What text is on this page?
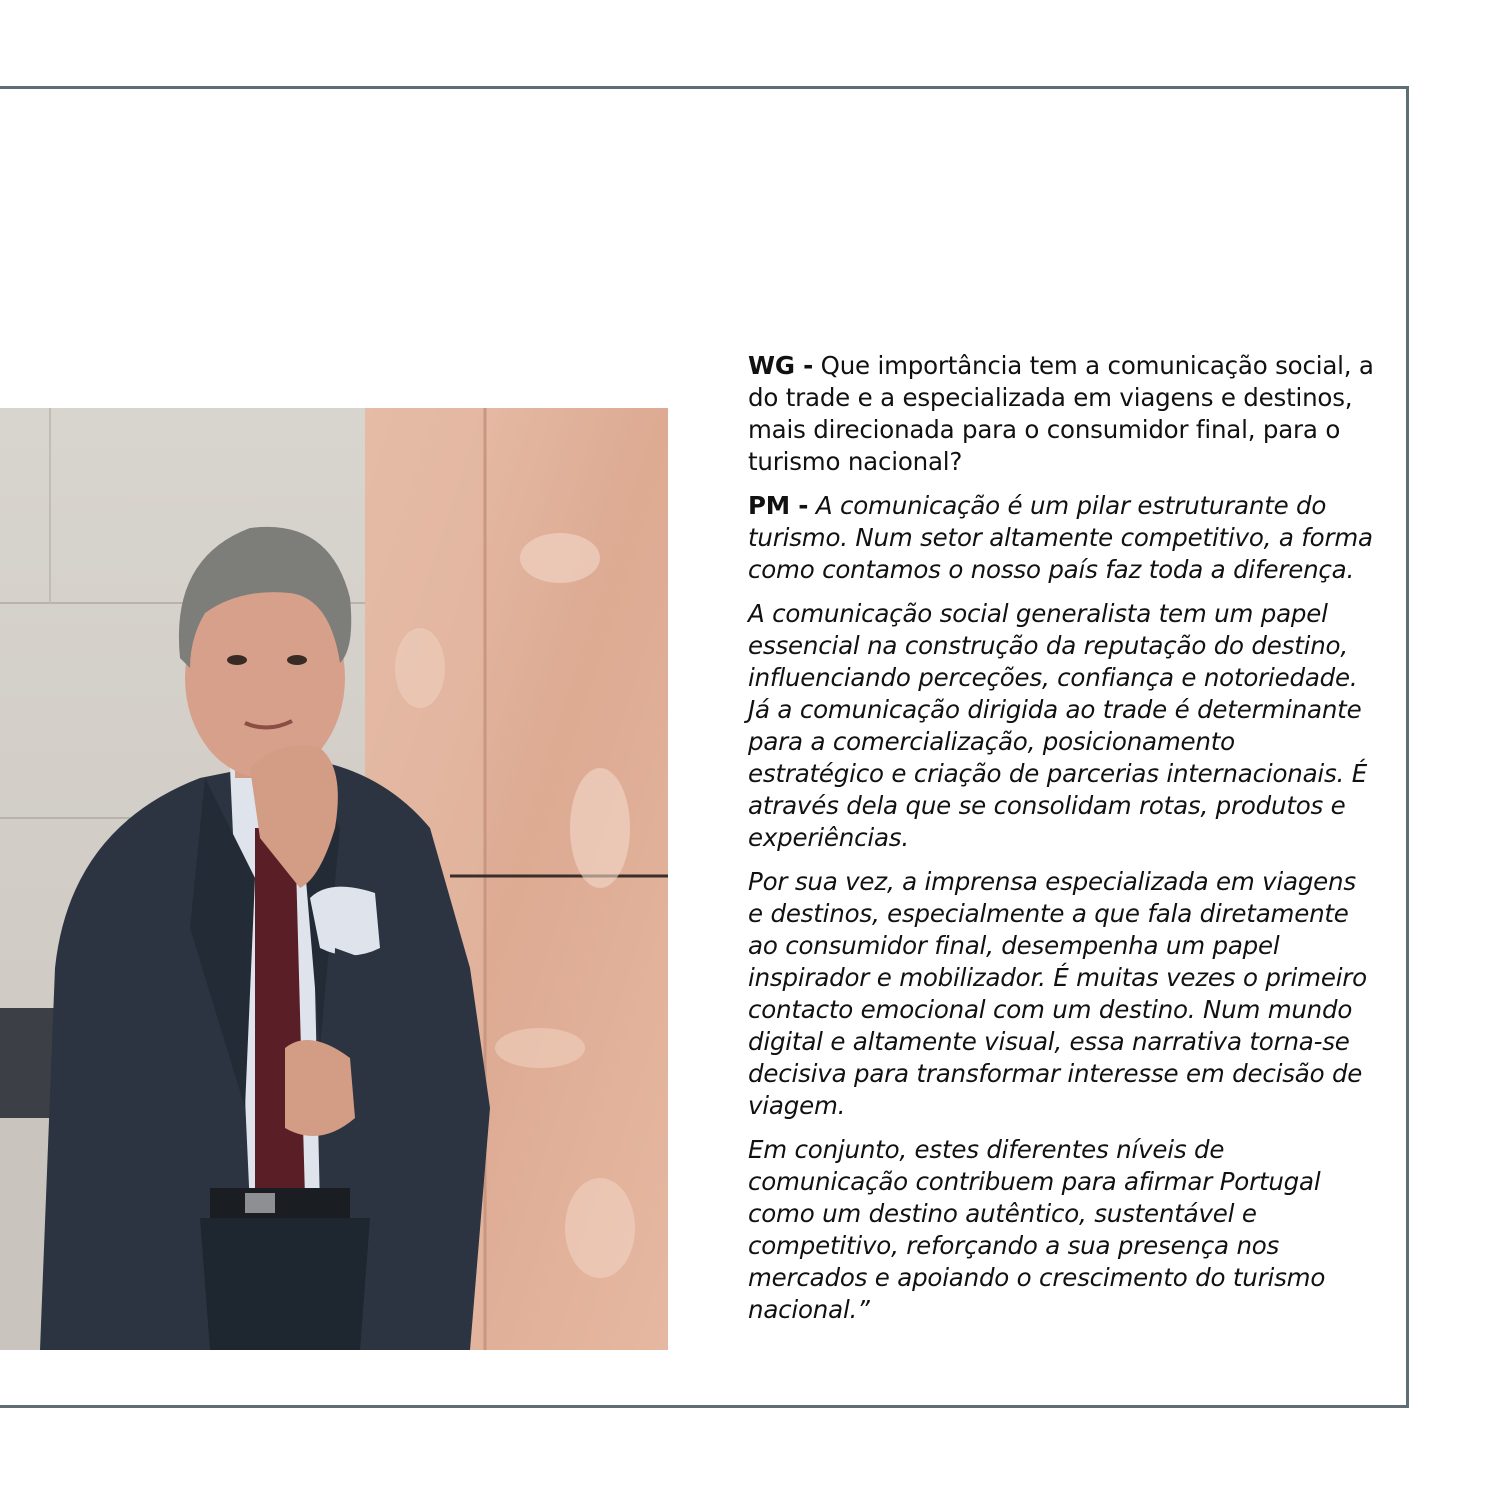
WG - Que importância tem a comunicação social, a do trade e a especializada em viagens e destinos, mais direcionada para o consumidor final, para o turismo nacional?

PM - A comunicação é um pilar estruturante do turismo. Num setor altamente competitivo, a forma como contamos o nosso país faz toda a diferença.

A comunicação social generalista tem um papel essencial na construção da reputação do destino, influenciando perceções, confiança e notoriedade. Já a comunicação dirigida ao trade é determinante para a comercialização, posicionamento estratégico e criação de parcerias internacionais. É através dela que se consolidam rotas, produtos e experiências.

Por sua vez, a imprensa especializada em viagens e destinos, especialmente a que fala diretamente ao consumidor final, desempenha um papel inspirador e mobilizador. É muitas vezes o primeiro contacto emocional com um destino. Num mundo digital e altamente visual, essa narrativa torna-se decisiva para transformar interesse em decisão de viagem.

Em conjunto, estes diferentes níveis de comunicação contribuem para afirmar Portugal como um destino autêntico, sustentável e competitivo, reforçando a sua presença nos mercados e apoiando o crescimento do turismo nacional.”
